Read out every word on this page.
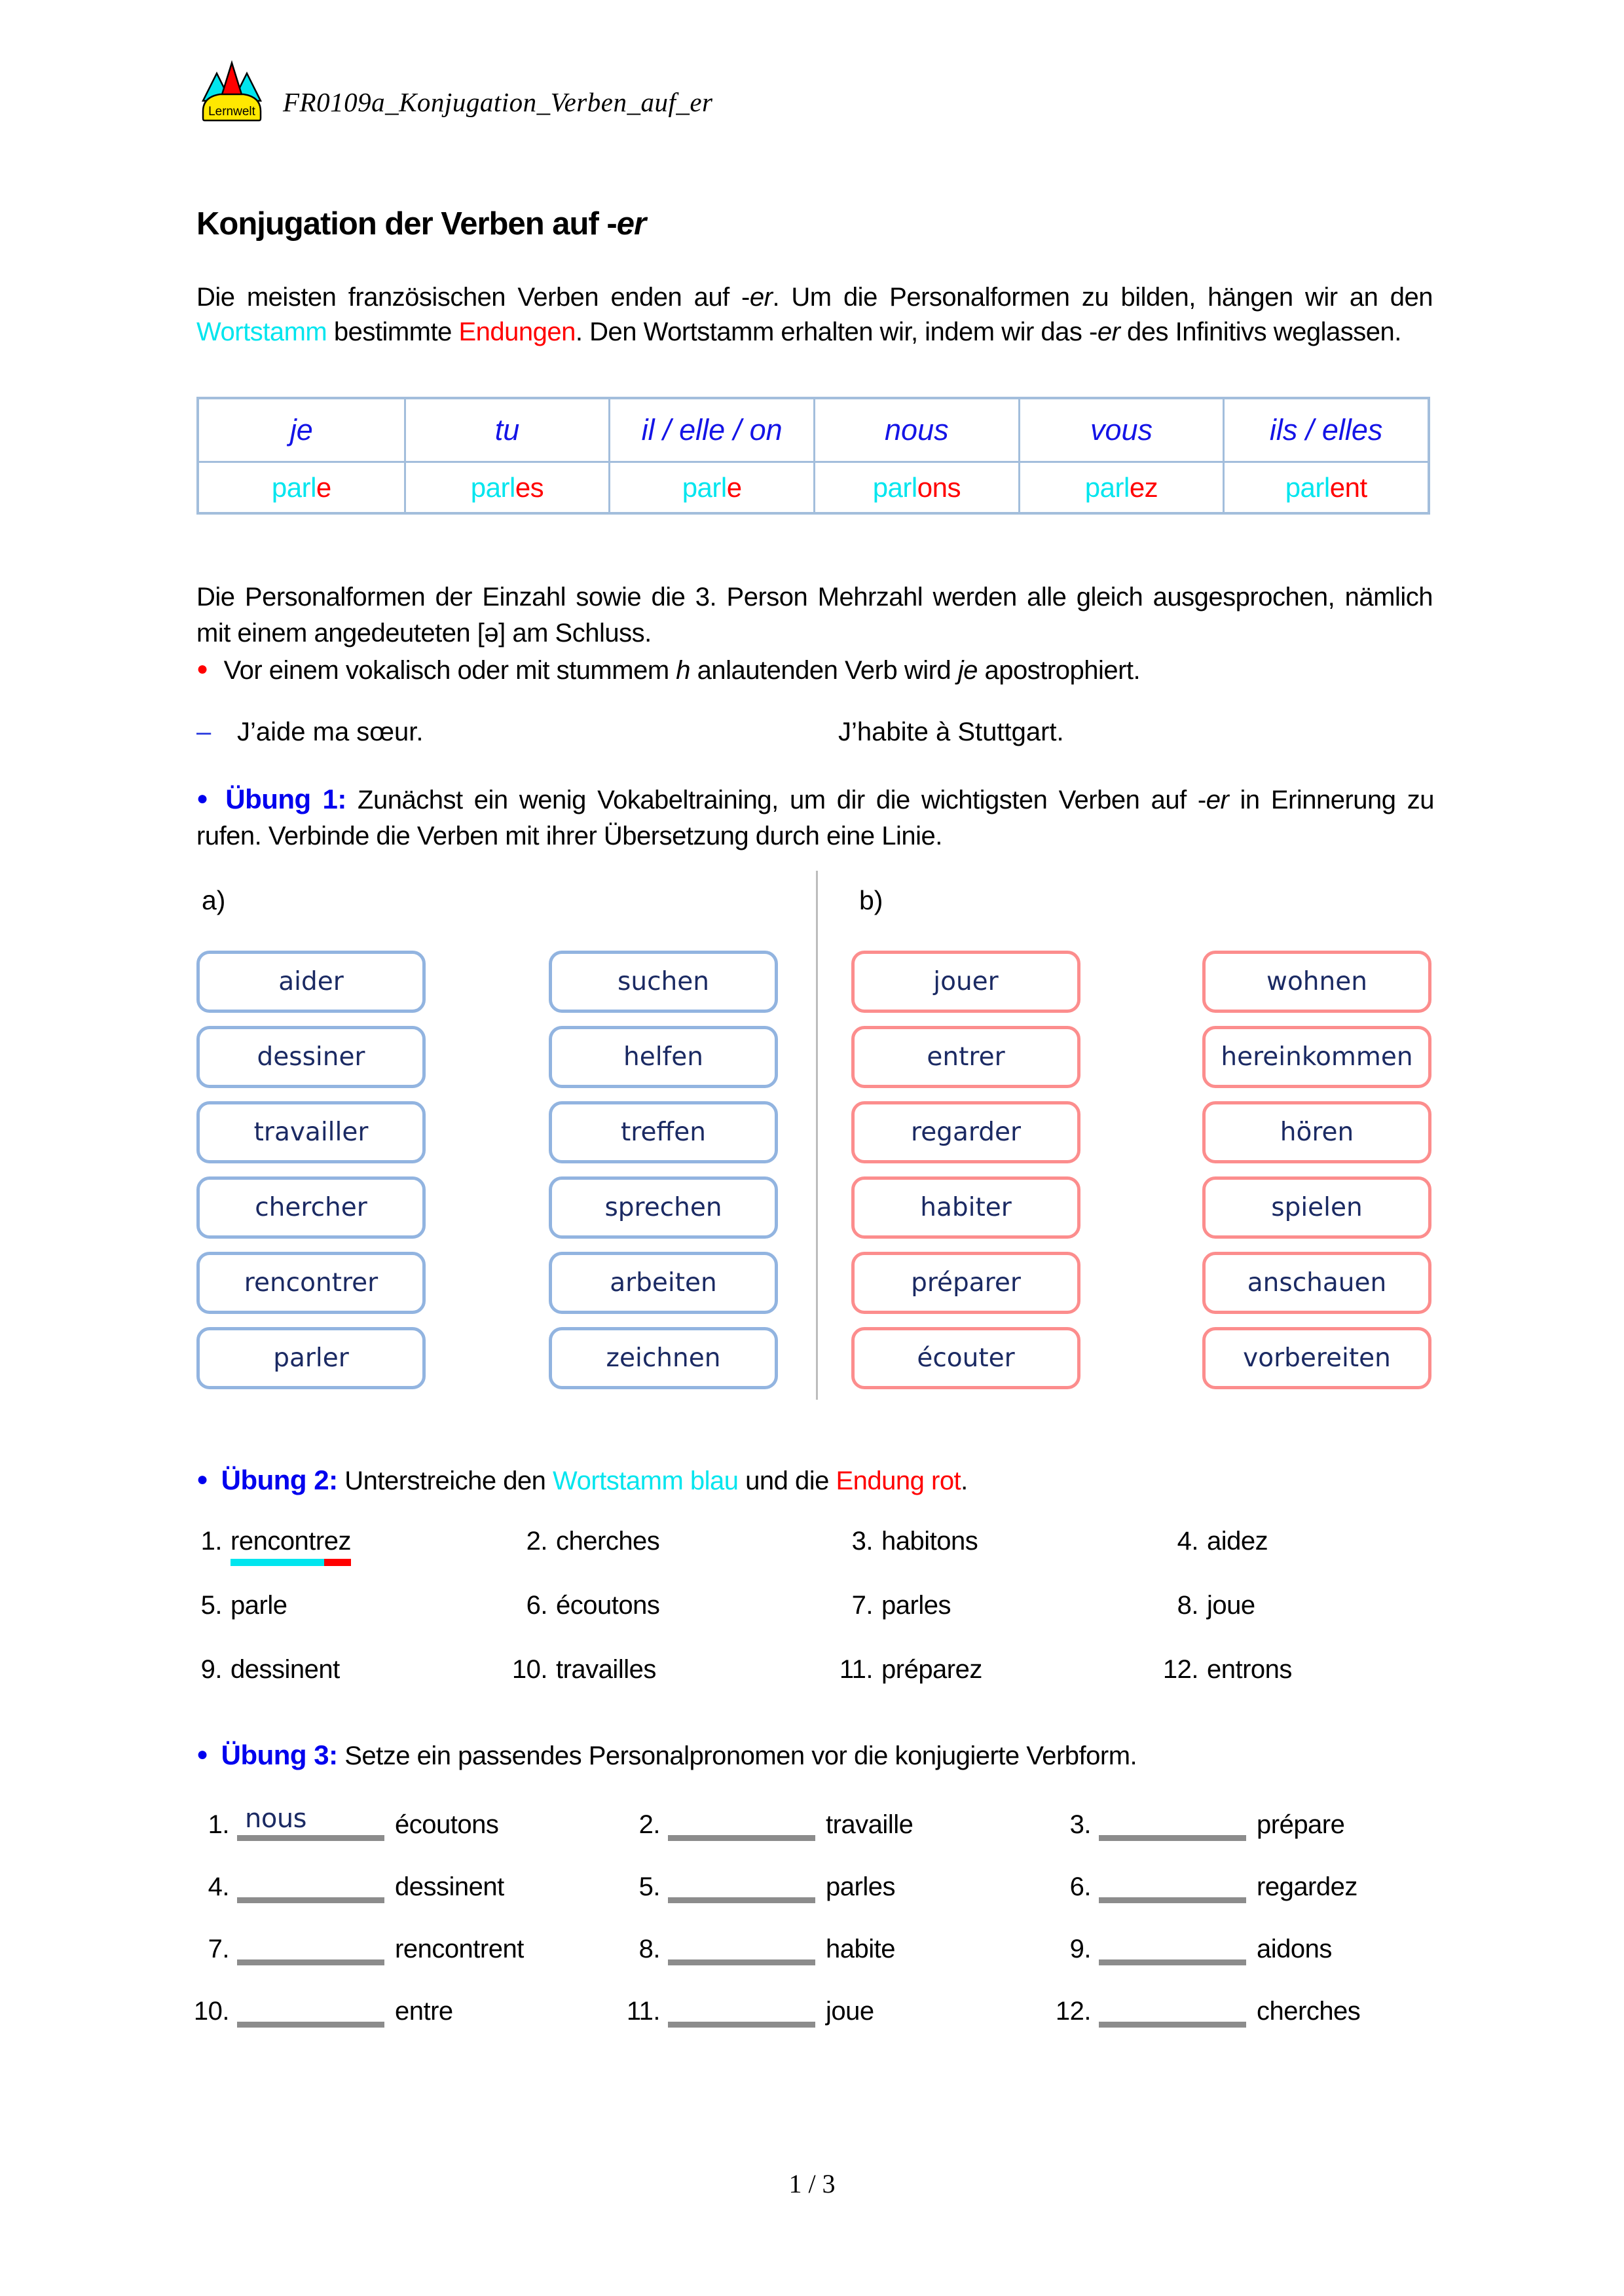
Lernwelt FR0109a_Konjugation_Verben_auf_er
Konjugation der Verben auf -er

Die meisten französischen Verben enden auf -er. Um die Personalformen zu bilden, hängen wir an den Wortstamm bestimmte Endungen. Den Wortstamm erhalten wir, indem wir das -er des Infinitivs weglassen.

je	tu	il / elle / on	nous	vous	ils / elles
parl e	parl es	parl e	parl ons	parl ez	parl ent

Die Personalformen der Einzahl sowie die 3. Person Mehrzahl werden alle gleich ausgesprochen, nämlich mit einem angedeuteten [ə] am Schluss.

● Vor einem vokalisch oder mit stummem h anlautenden Verb wird je apostrophiert.
– J’aide ma sœur.	J’habite à Stuttgart.
● Übung 1: Zunächst ein wenig Vokabeltraining, um dir die wichtigsten Verben auf -er in Erinnerung zu rufen. Verbinde die Verben mit ihrer Übersetzung durch eine Linie.
a)	b)
aider
dessiner
travailler
chercher
rencontrer
parler
suchen
helfen
treffen
sprechen
arbeiten
zeichnen
jouer
entrer
regarder
habiter
préparer
écouter
wohnen
hereinkommen
hören
spielen
anschauen
vorbereiten
● Übung 2: Unterstreiche den Wortstamm blau und die Endung rot.
1. rencontrez	2. cherches	3. habitons	4. aidez
5. parle	6. écoutons	7. parles	8. joue
9. dessinent	10. travailles	11. préparez	12. entrons
● Übung 3: Setze ein passendes Personalpronomen vor die konjugierte Verbform.
1. nous	écoutons	2.	travaille	3.	prépare
4.	dessinent	5.	parles	6.	regardez
7.	rencontrent	8.	habite	9.	aidons
10.	entre	11.	joue	12.	cherches
1 / 3
